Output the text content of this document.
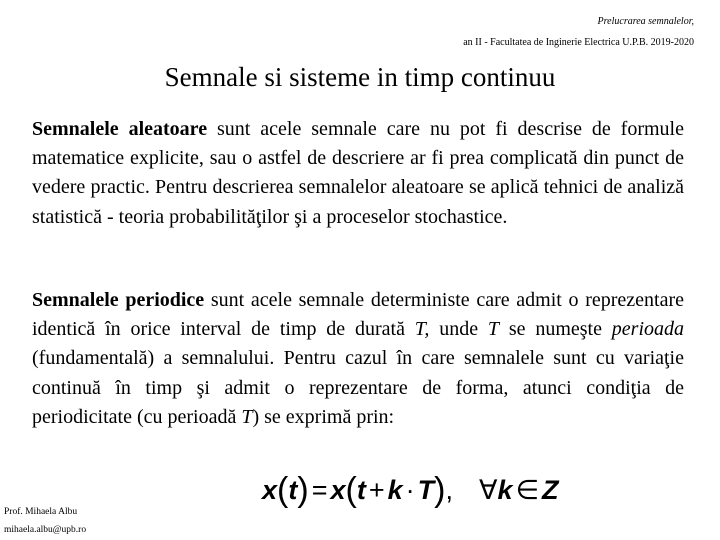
Prelucrarea semnalelor,
an II - Facultatea de Inginerie Electrica U.P.B. 2019-2020
Semnale si sisteme in timp continuu

Semnalele aleatoare sunt acele semnale care nu pot fi descrise de formule matematice explicite, sau o astfel de descriere ar fi prea complicată din punct de vedere practic. Pentru descrierea semnalelor aleatoare se aplică tehnici de analiză statistică - teoria probabilităţilor şi a proceselor stochastice.

Semnalele periodice sunt acele semnale deterministe care admit o reprezentare identică în orice interval de timp de durată T, unde T se numeşte perioada (fundamentală) a semnalului. Pentru cazul în care semnalele sunt cu variaţie continuă în timp şi admit o reprezentare de forma, atunci condiţia de periodicitate (cu perioadă T) se exprimă prin:

x(t) = x(t + k · T), ∀k ∈ Z
Prof. Mihaela Albu
mihaela.albu@upb.ro
